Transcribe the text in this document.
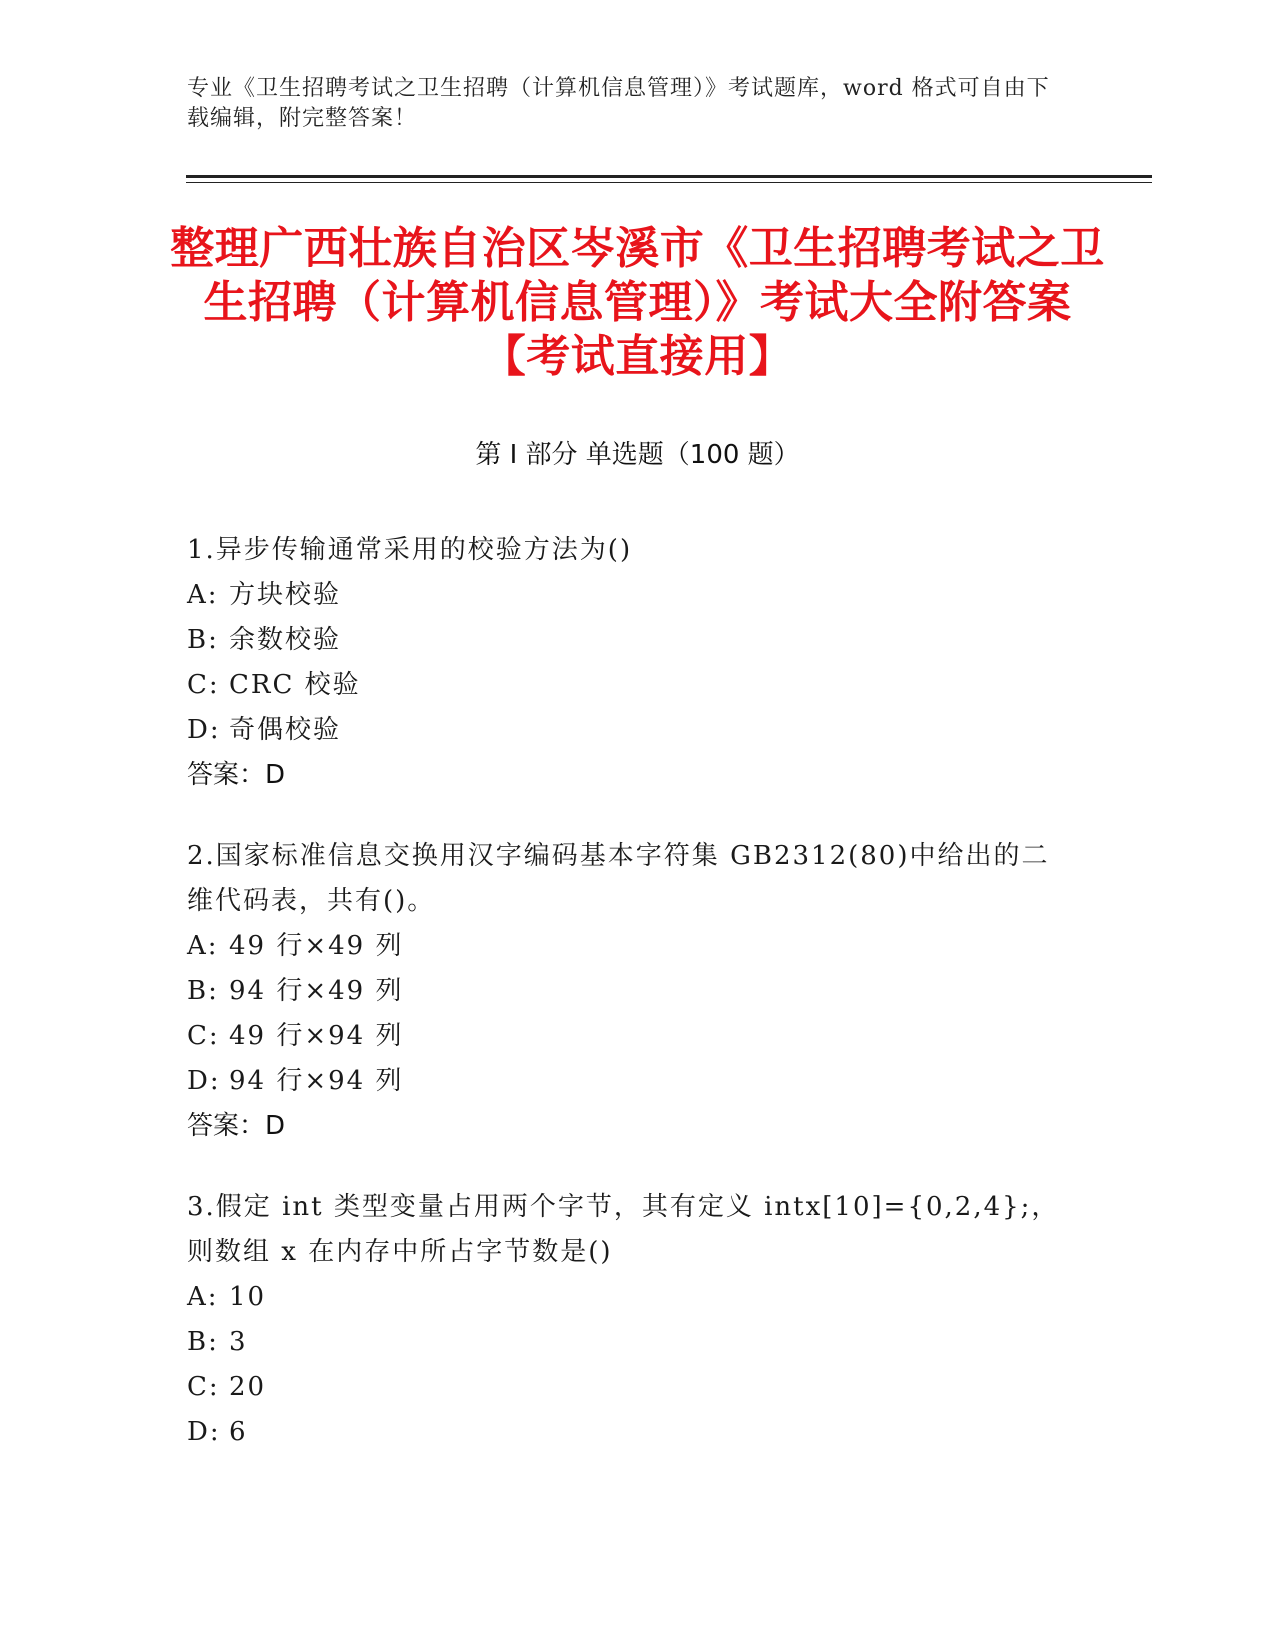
专业《卫生招聘考试之卫生招聘（计算机信息管理）》考试题库，word 格式可自由下载编辑，附完整答案！
整理广西壮族自治区岑溪市《卫生招聘考试之卫生招聘（计算机信息管理）》考试大全附答案【考试直接用】
第 I 部分 单选题（100 题）
1.异步传输通常采用的校验方法为()
A: 方块校验
B: 余数校验
C: CRC 校验
D: 奇偶校验
答案：D
2.国家标准信息交换用汉字编码基本字符集 GB2312(80)中给出的二维代码表，共有()。
A: 49 行×49 列
B: 94 行×49 列
C: 49 行×94 列
D: 94 行×94 列
答案：D
3.假定 int 类型变量占用两个字节，其有定义 intx[10]={0,2,4};，则数组 x 在内存中所占字节数是()
A: 10
B: 3
C: 20
D: 6
